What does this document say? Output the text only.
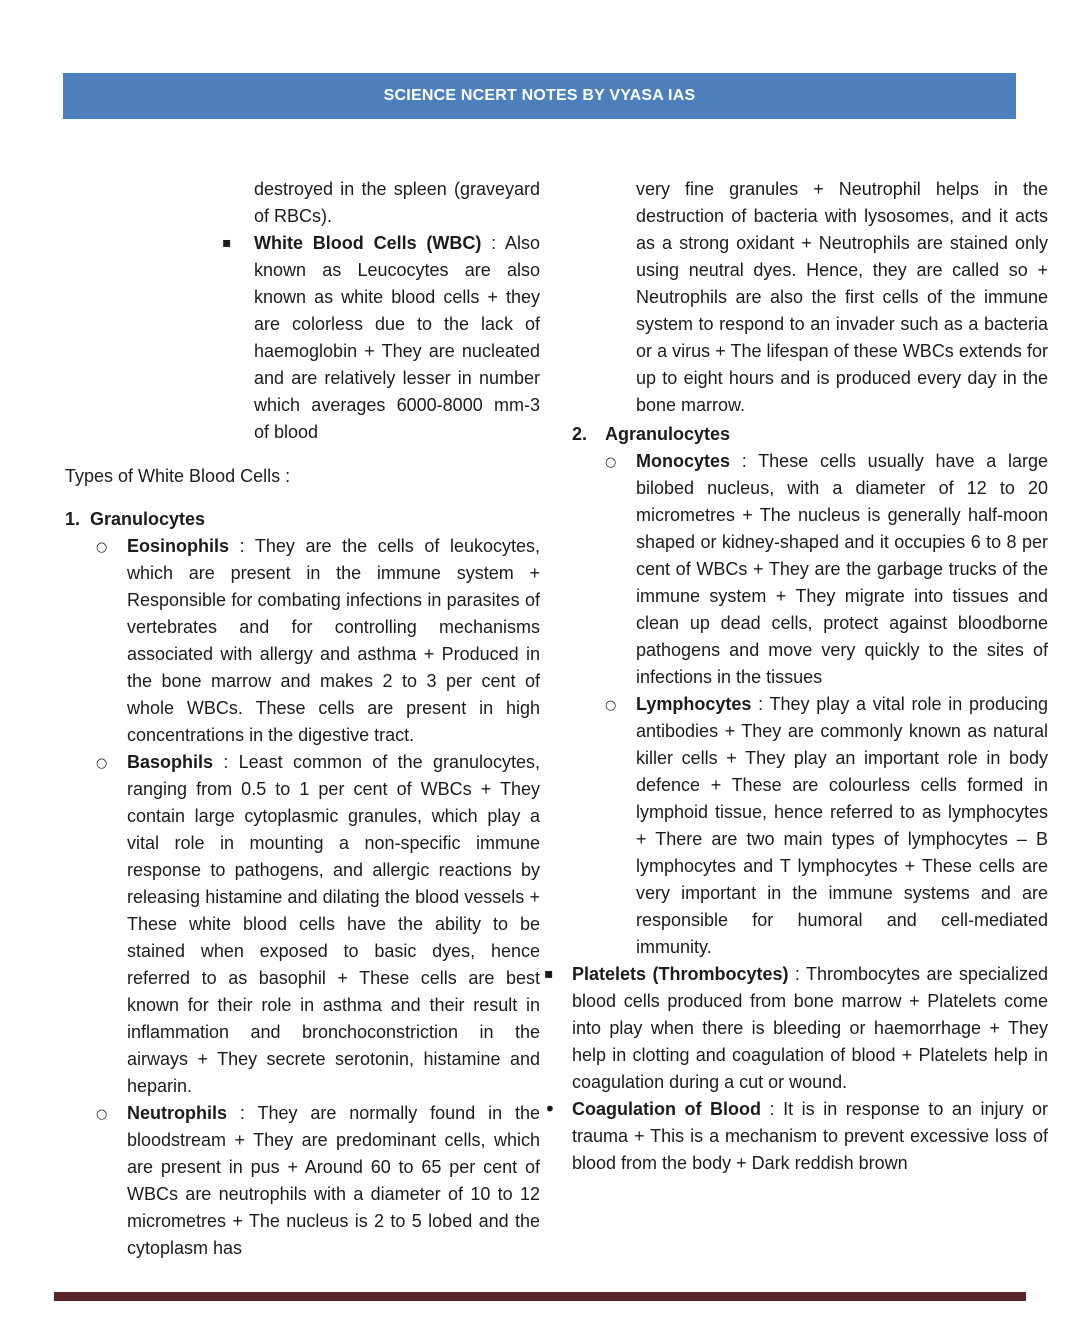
SCIENCE NCERT NOTES BY VYASA IAS

destroyed in the spleen (graveyard of RBCs).

▪ White Blood Cells (WBC) : Also known as Leucocytes are also known as white blood cells + they are colorless due to the lack of haemoglobin + They are nucleated and are relatively lesser in number which averages 6000-8000 mm-3 of blood

Types of White Blood Cells :

1. Granulocytes

○ Eosinophils : They are the cells of leukocytes, which are present in the immune system + Responsible for combating infections in parasites of vertebrates and for controlling mechanisms associated with allergy and asthma + Produced in the bone marrow and makes 2 to 3 per cent of whole WBCs. These cells are present in high concentrations in the digestive tract.

○ Basophils : Least common of the granulocytes, ranging from 0.5 to 1 per cent of WBCs + They contain large cytoplasmic granules, which play a vital role in mounting a non-specific immune response to pathogens, and allergic reactions by releasing histamine and dilating the blood vessels + These white blood cells have the ability to be stained when exposed to basic dyes, hence referred to as basophil + These cells are best known for their role in asthma and their result in inflammation and bronchoconstriction in the airways + They secrete serotonin, histamine and heparin.

○ Neutrophils : They are normally found in the bloodstream + They are predominant cells, which are present in pus + Around 60 to 65 per cent of WBCs are neutrophils with a diameter of 10 to 12 micrometres + The nucleus is 2 to 5 lobed and the cytoplasm has

very fine granules + Neutrophil helps in the destruction of bacteria with lysosomes, and it acts as a strong oxidant + Neutrophils are stained only using neutral dyes. Hence, they are called so + Neutrophils are also the first cells of the immune system to respond to an invader such as a bacteria or a virus + The lifespan of these WBCs extends for up to eight hours and is produced every day in the bone marrow.

2. Agranulocytes

○ Monocytes : These cells usually have a large bilobed nucleus, with a diameter of 12 to 20 micrometres + The nucleus is generally half-moon shaped or kidney-shaped and it occupies 6 to 8 per cent of WBCs + They are the garbage trucks of the immune system + They migrate into tissues and clean up dead cells, protect against bloodborne pathogens and move very quickly to the sites of infections in the tissues

○ Lymphocytes : They play a vital role in producing antibodies + They are commonly known as natural killer cells + They play an important role in body defence + These are colourless cells formed in lymphoid tissue, hence referred to as lymphocytes + There are two main types of lymphocytes – B lymphocytes and T lymphocytes + These cells are very important in the immune systems and are responsible for humoral and cell-mediated immunity.

▪ Platelets (Thrombocytes) : Thrombocytes are specialized blood cells produced from bone marrow + Platelets come into play when there is bleeding or haemorrhage + They help in clotting and coagulation of blood + Platelets help in coagulation during a cut or wound.

• Coagulation of Blood : It is in response to an injury or trauma + This is a mechanism to prevent excessive loss of blood from the body + Dark reddish brown
